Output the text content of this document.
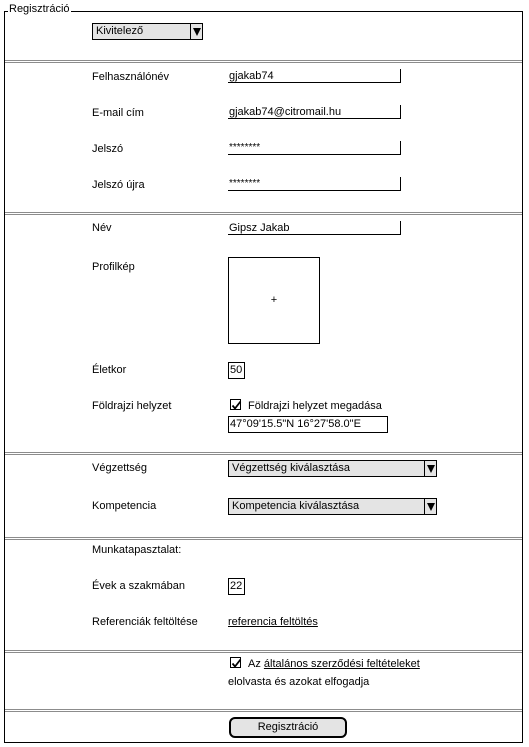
Regisztráció
Kivitelező
Felhasználónév	gjakab74
E-mail cím	gjakab74@citromail.hu
Jelszó	********
Jelszó újra	********
Név	Gipsz Jakab
Profilkép
+
Életkor	50
Földrajzi helyzet	Földrajzi helyzet megadása
47°09'15.5"N 16°27'58.0"E
Végzettség	Végzettség kiválasztása
Kompetencia	Kompetencia kiválasztása
Munkatapasztalat:
Évek a szakmában	22
Referenciák feltöltése	referencia feltöltés
Az általános szerződési feltételeket
elolvasta és azokat elfogadja
Regisztráció
